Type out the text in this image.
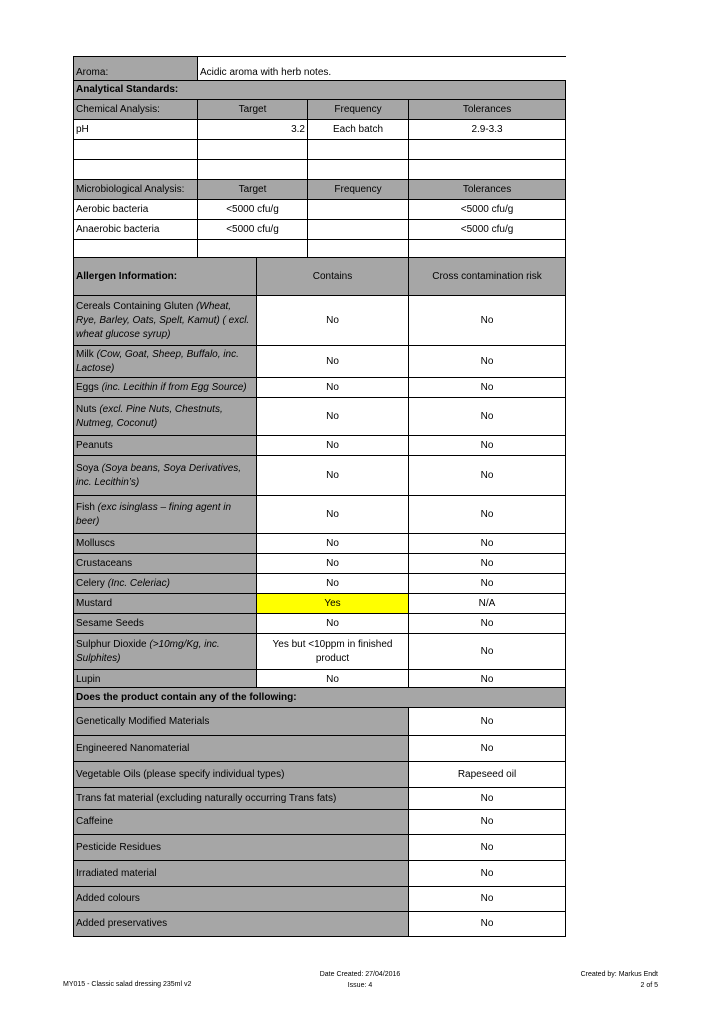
Aroma:	Acidic aroma with herb notes.		
Analytical Standards:			
Chemical Analysis:	Target	Frequency	Tolerances
pH	3.2	Each batch	2.9-3.3

Microbiological Analysis:	Target	Frequency	Tolerances
Aerobic bacteria	<5000 cfu/g		<5000 cfu/g
Anaerobic bacteria	<5000 cfu/g		<5000 cfu/g

Allergen Information:	Contains	Cross contamination risk
Cereals Containing Gluten (Wheat, Rye, Barley, Oats, Spelt, Kamut) ( excl. wheat glucose syrup)	No	No
Milk (Cow, Goat, Sheep, Buffalo, inc. Lactose)	No	No
Eggs (inc. Lecithin if from Egg Source)	No	No
Nuts (excl. Pine Nuts, Chestnuts, Nutmeg, Coconut)	No	No
Peanuts	No	No
Soya (Soya beans, Soya Derivatives, inc. Lecithin’s)	No	No
Fish (exc isinglass – fining agent in beer)	No	No
Molluscs	No	No
Crustaceans	No	No
Celery (Inc. Celeriac)	No	No
Mustard	Yes	N/A
Sesame Seeds	No	No
Sulphur Dioxide (>10mg/Kg, inc. Sulphites)	Yes but <10ppm in finished product	No
Lupin	No	No
Does the product contain any of the following:	
Genetically Modified Materials	No
Engineered Nanomaterial	No
Vegetable Oils (please specify individual types)	Rapeseed oil
Trans fat material (excluding naturally occurring Trans fats)	No
Caffeine	No
Pesticide Residues	No
Irradiated material	No
Added colours	No
Added preservatives	No
MY015 - Classic salad dressing 235ml v2
Date Created: 27/04/2016
Issue: 4
Created by: Markus Endt
2 of 5
